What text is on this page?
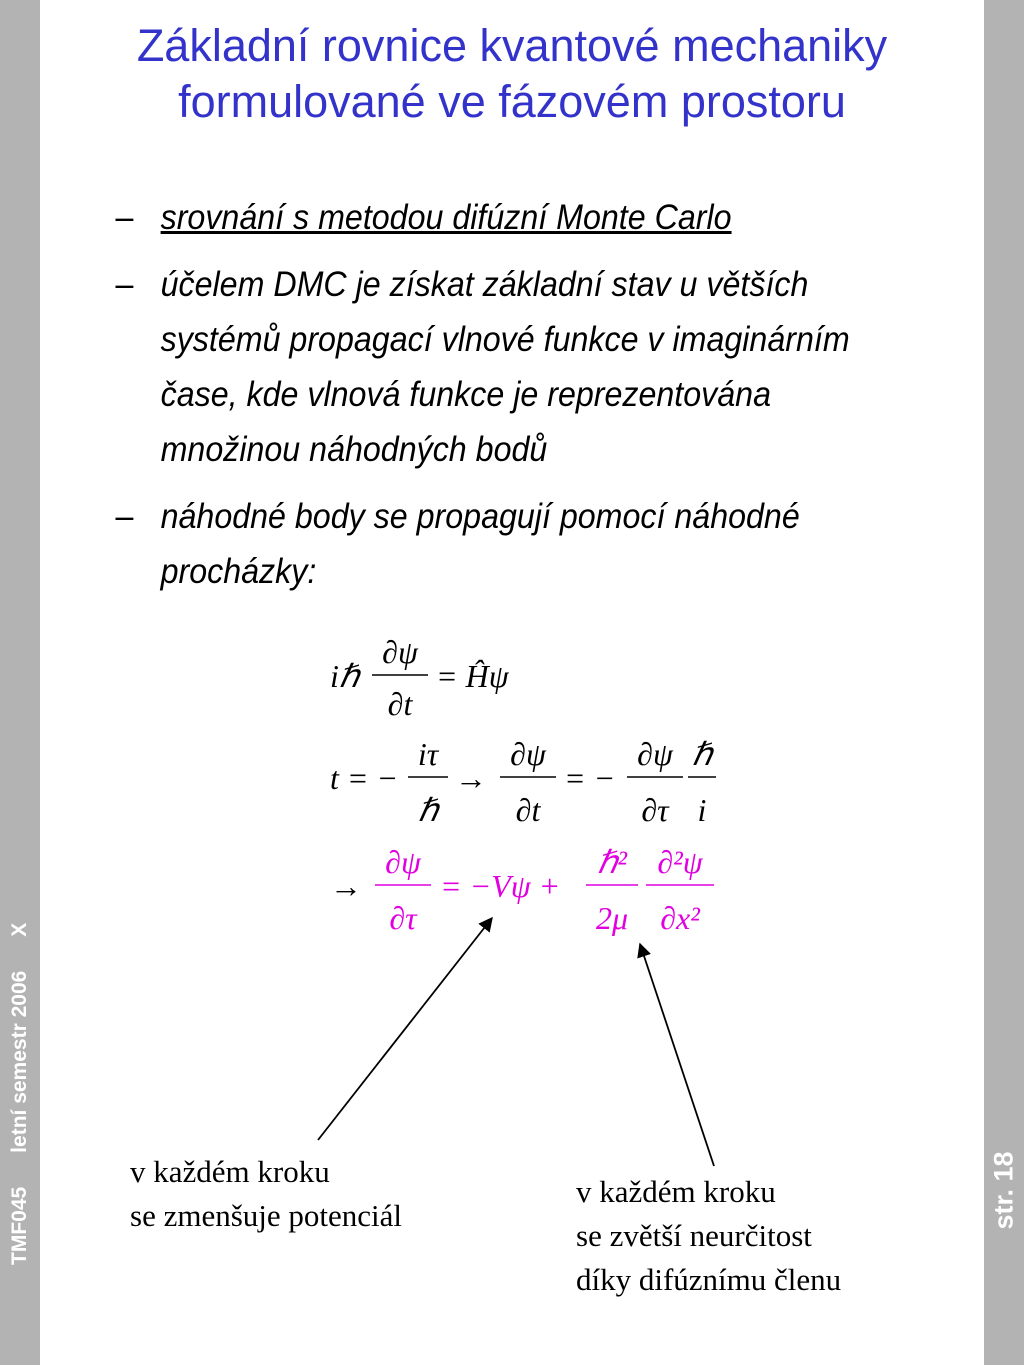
TMF045letní semestr 2006X
str. 18
Základní rovnice kvantové mechaniky
formulované ve fázovém prostoru
– srovnání s metodou difúzní Monte Carlo
– účelem DMC je získat základní stav u větších systémů propagací vlnové funkce v imaginárním čase, kde vlnová funkce je reprezentována množinou náhodných bodů
– náhodné body se propagují pomocí náhodné procházky:
iℏ
∂ψ
∂t
= Ĥψ
t = −
iτ
ℏ
→
∂ψ
∂t
= −
∂ψ
∂τ
ℏ
i
→
∂ψ
∂τ
= −Vψ +
ℏ²
2μ
∂²ψ
∂x²
v každém kroku
se zmenšuje potenciál
v každém kroku
se zvětší neurčitost
díky difúznímu členu
